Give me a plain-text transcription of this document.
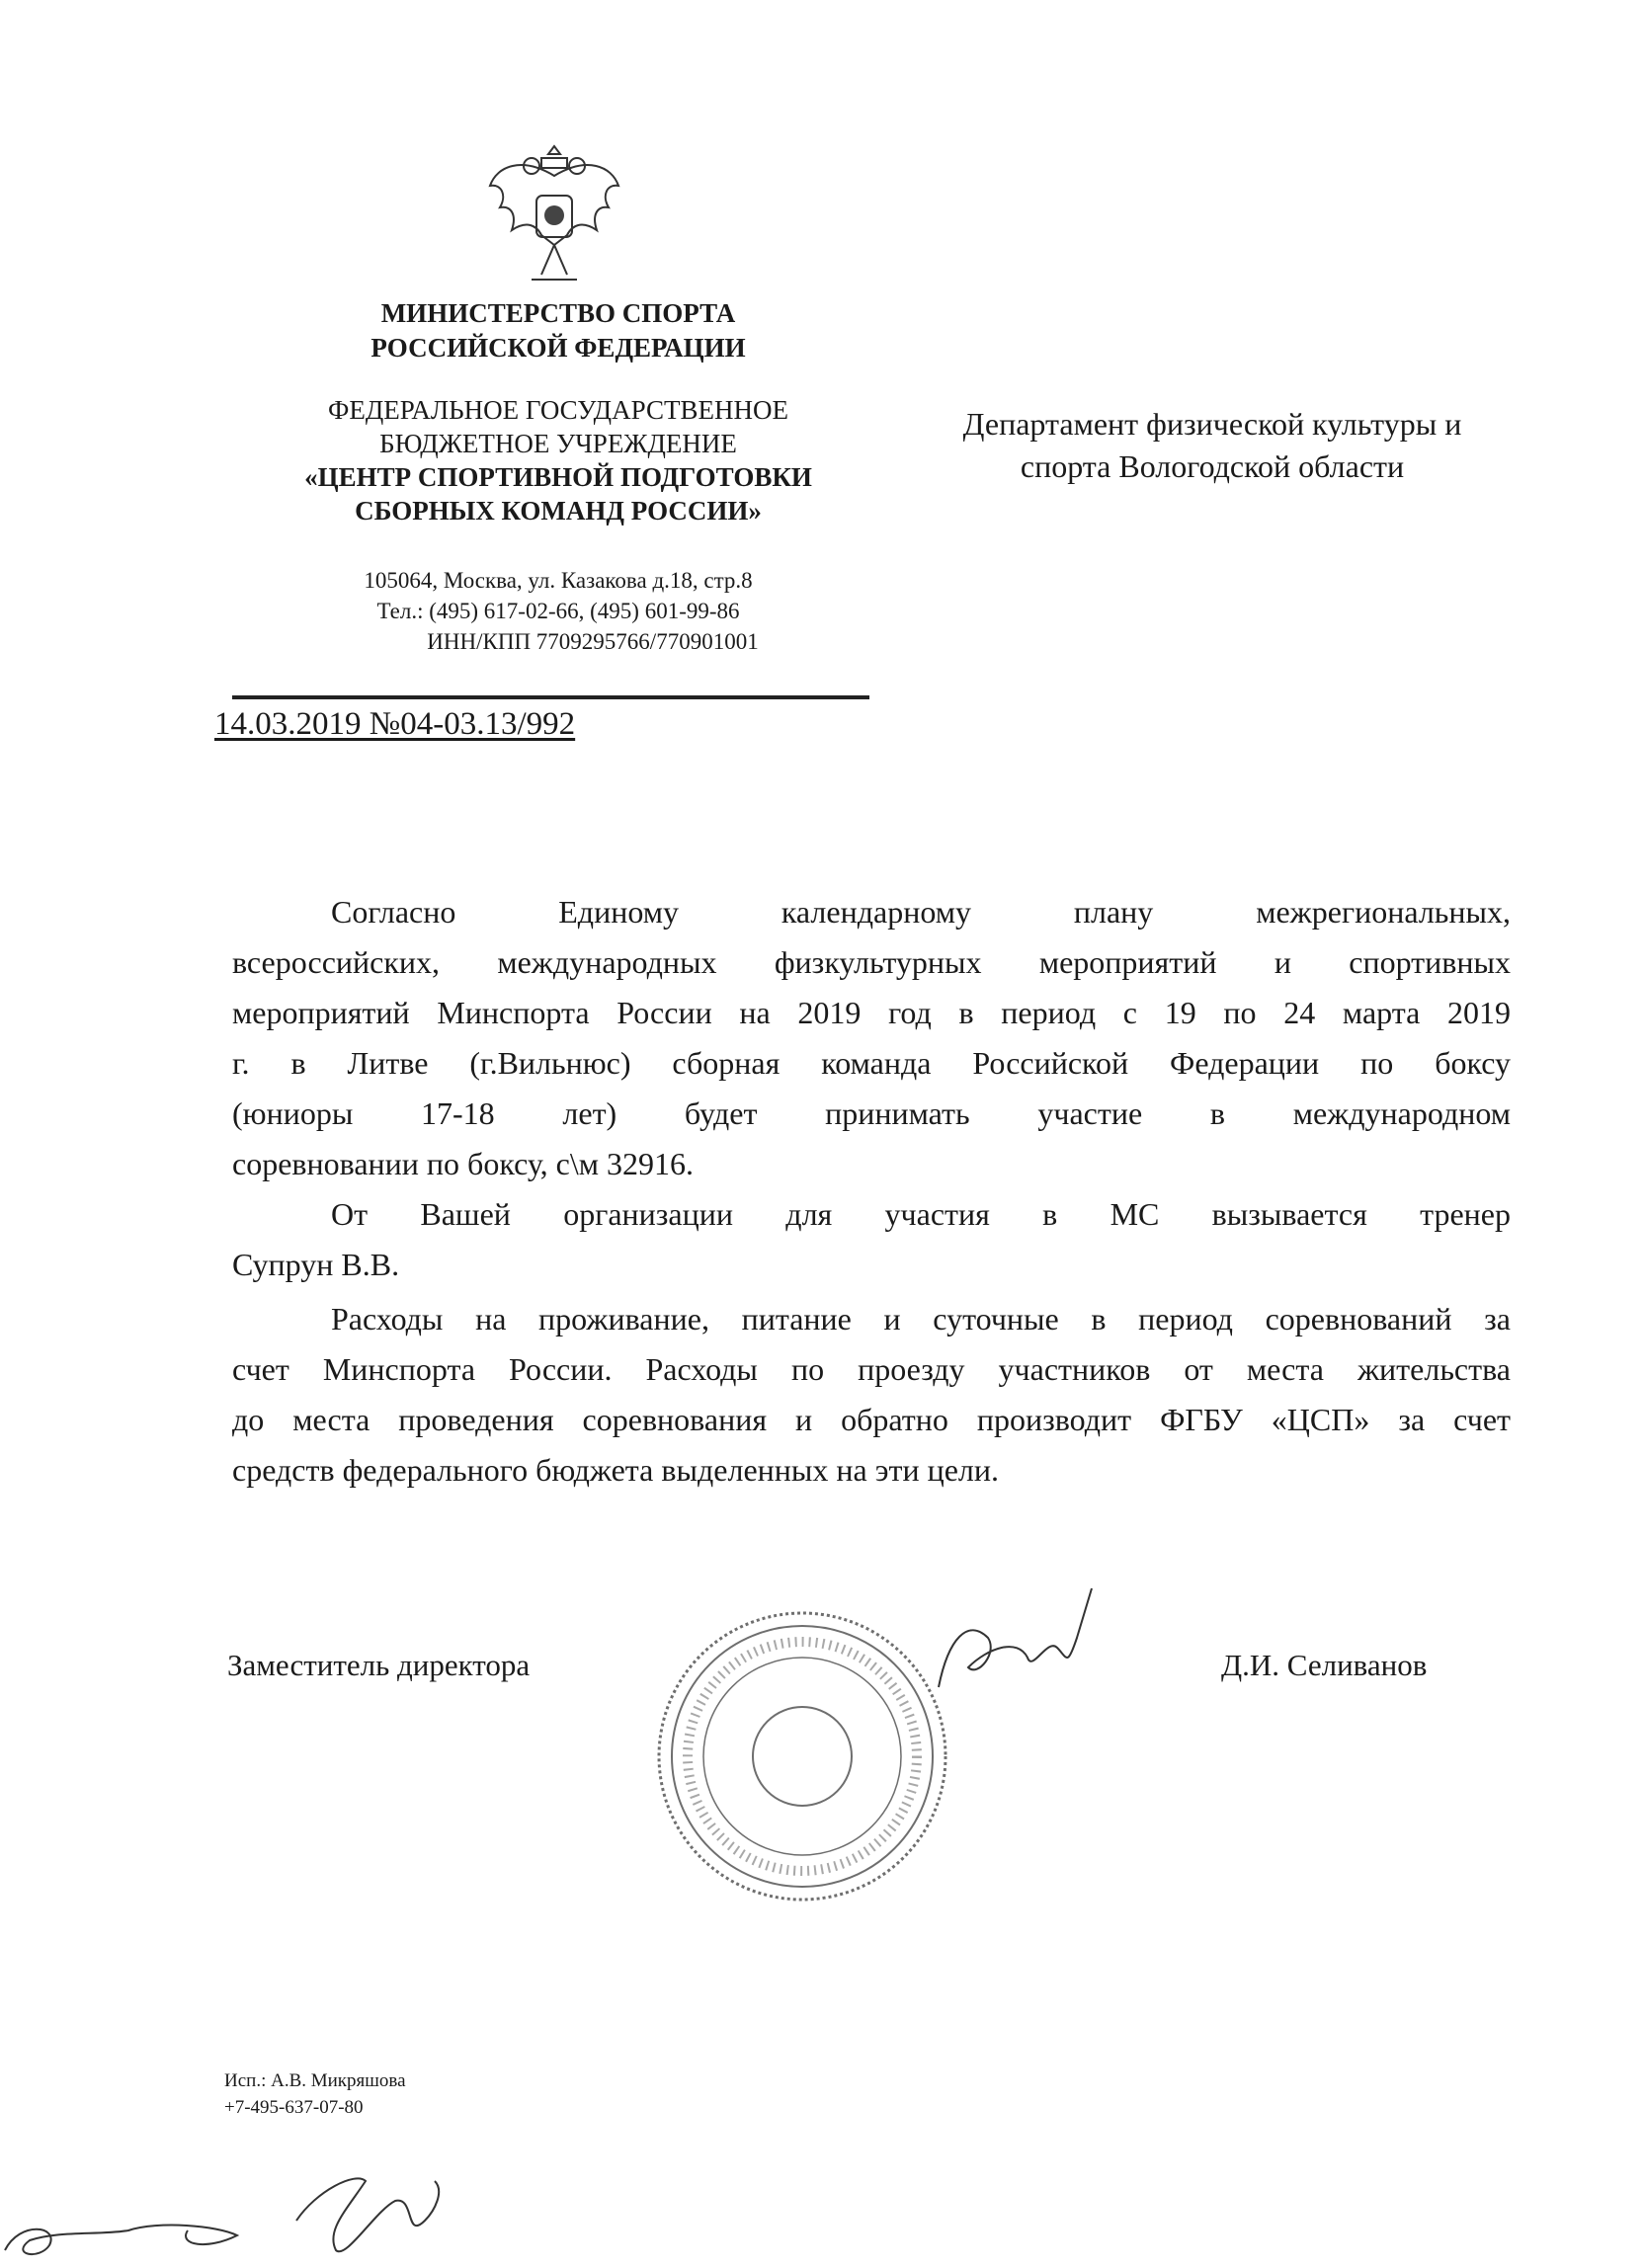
МИНИСТЕРСТВО СПОРТА
РОССИЙСКОЙ ФЕДЕРАЦИИ
ФЕДЕРАЛЬНОЕ ГОСУДАРСТВЕННОЕ
БЮДЖЕТНОЕ УЧРЕЖДЕНИЕ
«ЦЕНТР СПОРТИВНОЙ ПОДГОТОВКИ
СБОРНЫХ КОМАНД РОССИИ»
105064, Москва, ул. Казакова д.18, стр.8
Тел.: (495) 617-02-66, (495) 601-99-86
ИНН/КПП 7709295766/770901001
14.03.2019 №04-03.13/992
Департамент физической культуры и
спорта Вологодской области
Согласно Единому календарному плану межрегиональных,
всероссийских, международных физкультурных мероприятий и спортивных
мероприятий Минспорта России на 2019 год в период с 19 по 24 марта 2019
г. в Литве (г.Вильнюс) сборная команда Российской Федерации по боксу
(юниоры 17-18 лет) будет принимать участие в международном
соревновании по боксу, с\м 32916.
От Вашей организации для участия в МС вызывается тренер
Супрун В.В.
Расходы на проживание, питание и суточные в период соревнований за
счет Минспорта России. Расходы по проезду участников от места жительства
до места проведения соревнования и обратно производит ФГБУ «ЦСП» за счет
средств федерального бюджета выделенных на эти цели.
Заместитель директора	Д.И. Селиванов
Исп.: А.В. Микряшова
+7-495-637-07-80
